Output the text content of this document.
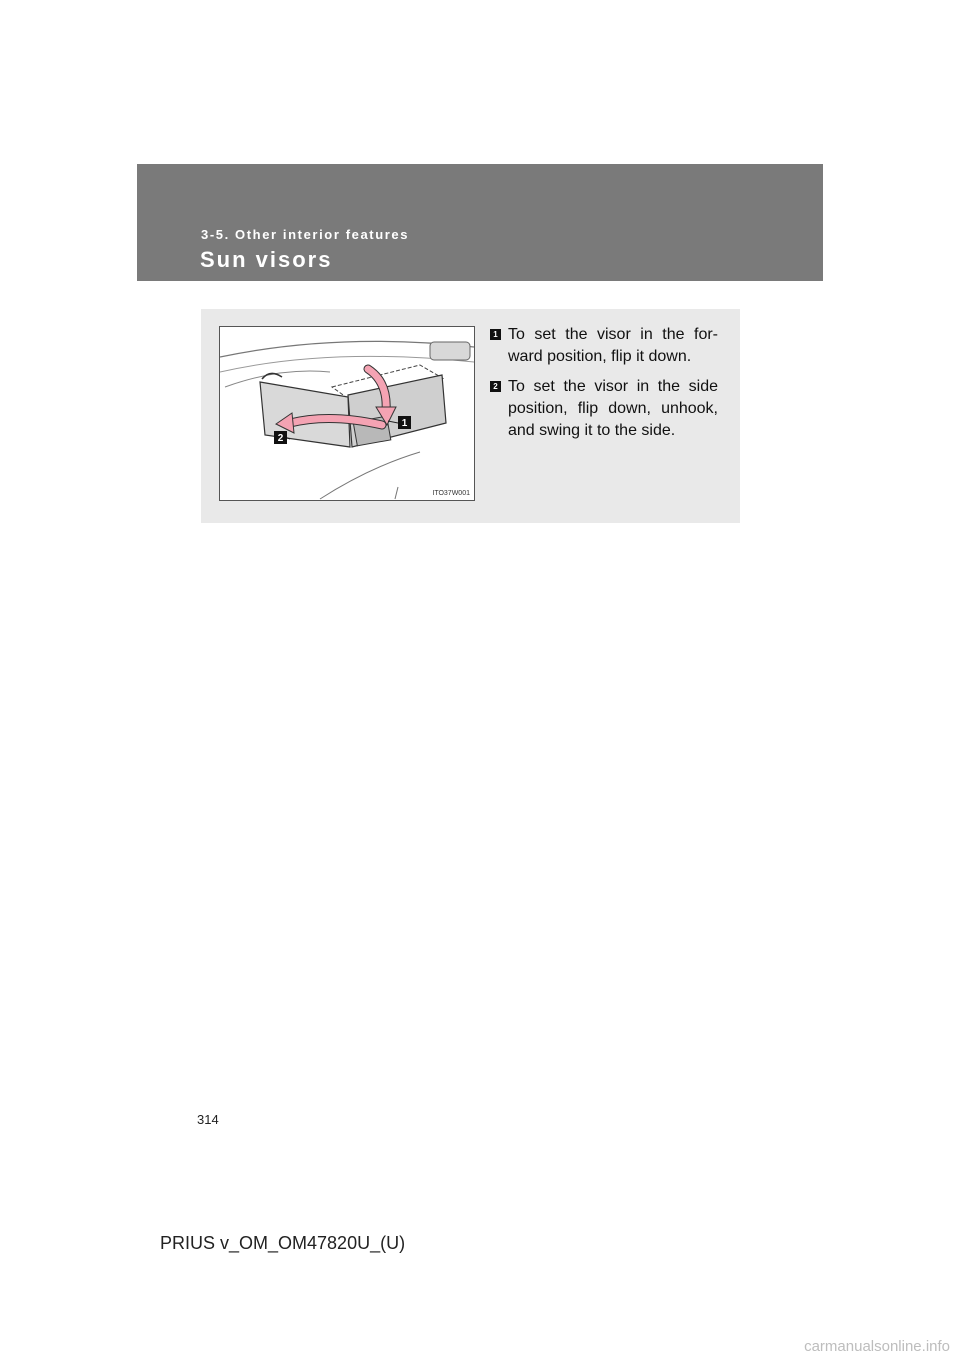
3-5. Other interior features
Sun visors
1
2
ITO37W001
1 To set the visor in the for-ward position, flip it down.
2 To set the visor in the side position, flip down, unhook, and swing it to the side.
314
PRIUS v_OM_OM47820U_(U)
carmanualsonline.info
